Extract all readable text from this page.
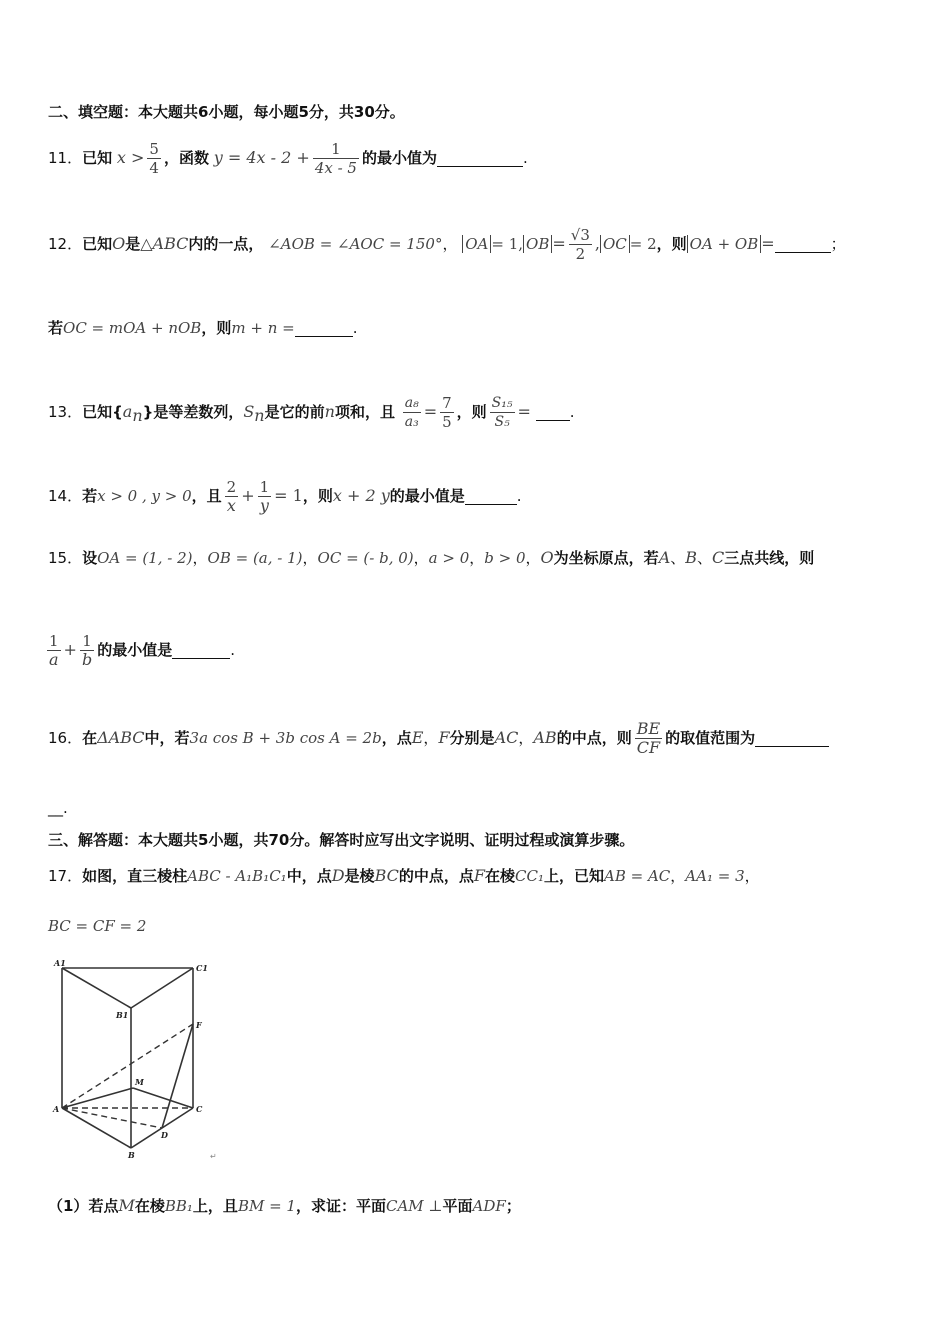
二、填空题：本大题共6小题，每小题5分，共30分。
11．已知 $x > \frac{5}{4}$ ，函数 $y = 4x - 2 + \frac{1}{4x - 5}$ 的最小值为	.
12．已知O是△ABC内的一点， ∠AOB = ∠AOC = 150°， OA = 1, OB = $\frac{√3}{2}$ , OC = 2，则 OA + OB =	；
若OC = mOA + nOB，则m + n =	.
13．已知$\{a_n\}$是等差数列，$S_n$是它的前n项和，且 $\frac{\text{a₈}}{\text{a₃}} = \frac{7}{5}$ ，则 $\frac{\text{S₁₅}}{\text{S₅}}$ =	.
14．若x > 0 , y > 0，且 $\frac{2}{x} + \frac{1}{y} = 1$，则x + 2 y的最小值是	.
15．设OA = (1, - 2)，OB = (a, - 1)，OC = (- b, 0)，a > 0，b > 0，O为坐标原点，若A、B、C三点共线，则
$\frac{1}{a} + \frac{1}{b}$ 的最小值是	.
16．在ΔABC中，若3a cos B + 3b cos A = 2b，点E，F分别是AC，AB的中点，则 $\frac{BE}{CF}$ 的取值范围为
__.
三、解答题：本大题共5小题，共70分。解答时应写出文字说明、证明过程或演算步骤。
17．如图，直三棱柱ABC - A₁B₁C₁中，点D是棱BC的中点，点F在棱CC₁上，已知AB = AC，AA₁ = 3，
BC = CF = 2
A1	C1
B1
F
M
A	C
D
B	↵
（1）若点M在棱BB₁上，且BM = 1，求证：平面CAM ⊥平面ADF；
